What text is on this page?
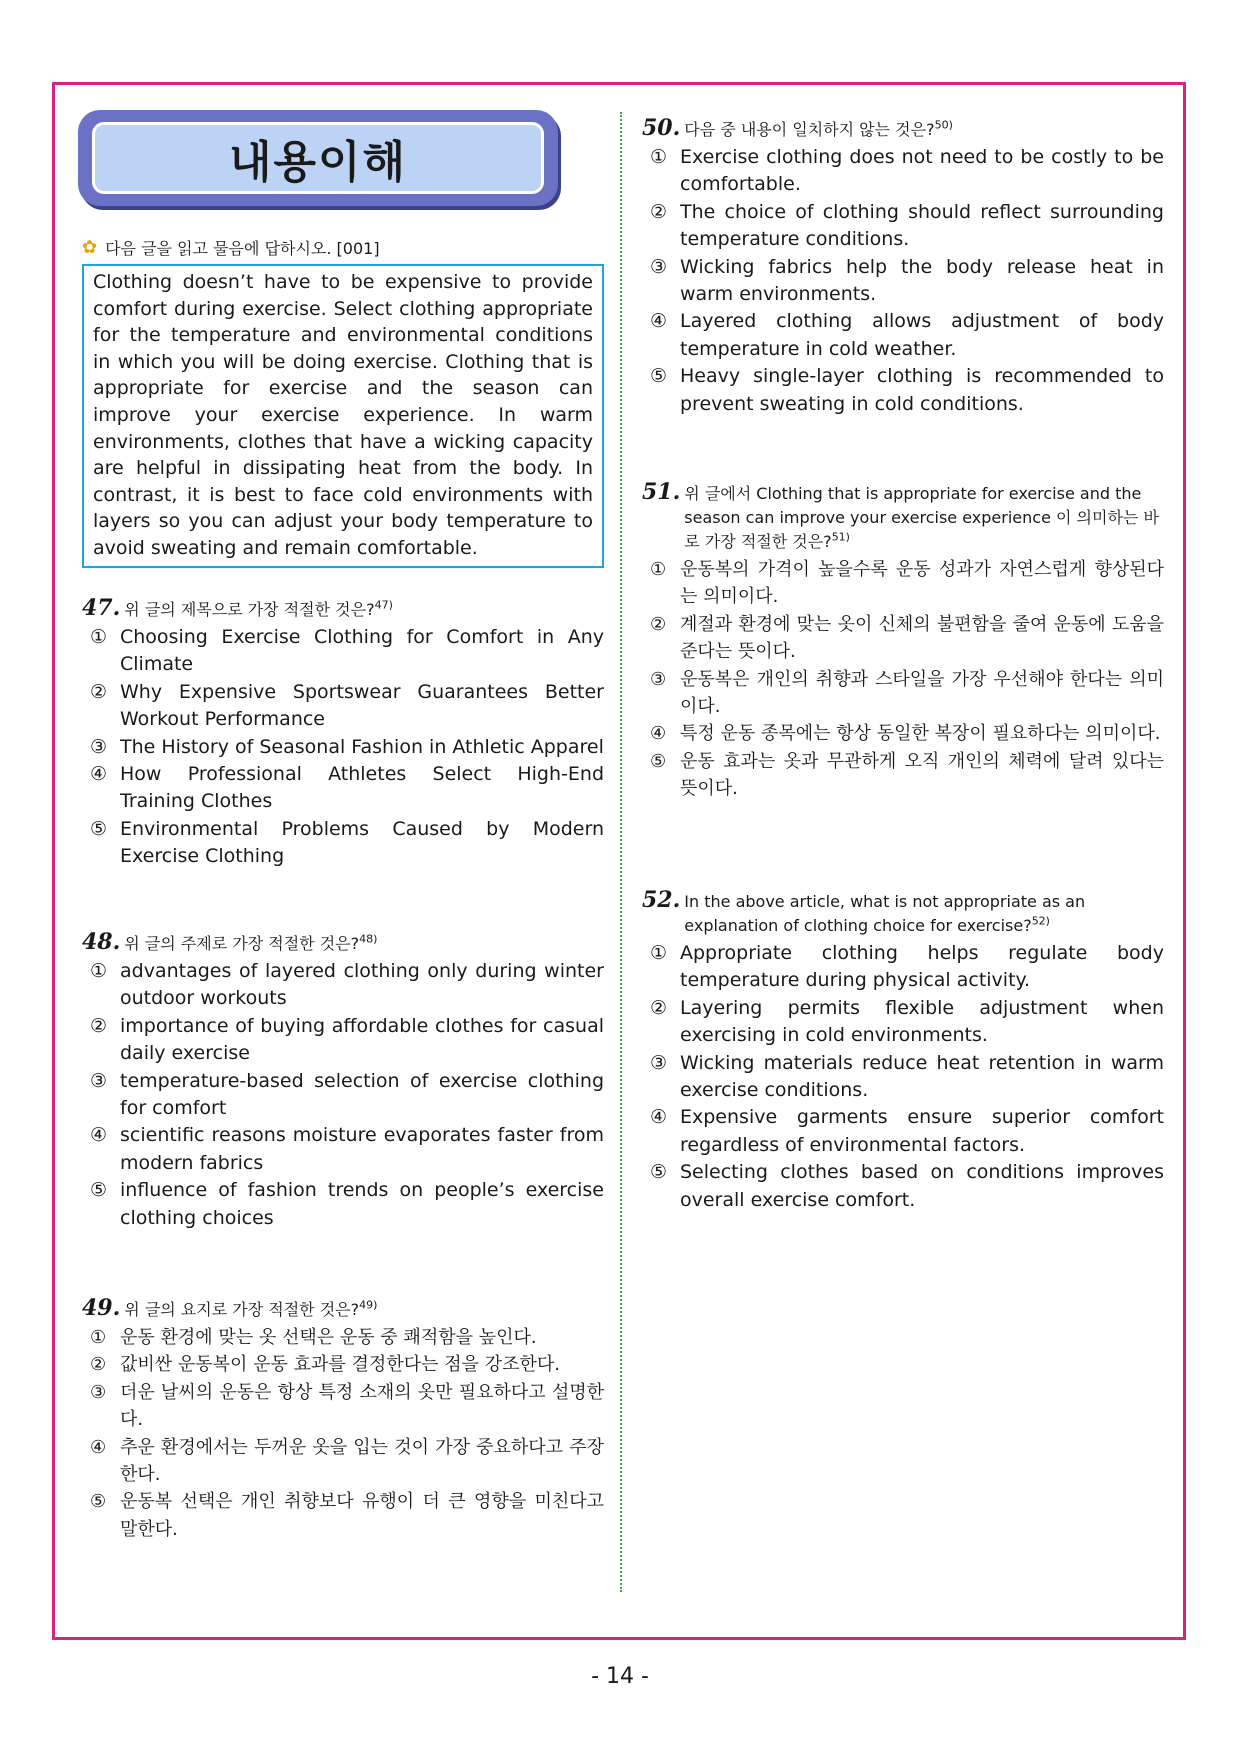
내용이해
✿ 다음 글을 읽고 물음에 답하시오. [001]
Clothing doesn’t have to be expensive to provide comfort during exercise. Select clothing appropriate for the temperature and environmental conditions in which you will be doing exercise. Clothing that is appropriate for exercise and the season can improve your exercise experience. In warm environments, clothes that have a wicking capacity are helpful in dissipating heat from the body. In contrast, it is best to face cold environments with layers so you can adjust your body temperature to avoid sweating and remain comfortable.
47. 위 글의 제목으로 가장 적절한 것은?$^{47)}$
① Choosing Exercise Clothing for Comfort in Any Climate
② Why Expensive Sportswear Guarantees Better Workout Performance
③ The History of Seasonal Fashion in Athletic Apparel
④ How Professional Athletes Select High-End Training Clothes
⑤ Environmental Problems Caused by Modern Exercise Clothing
48. 위 글의 주제로 가장 적절한 것은?$^{48)}$
① advantages of layered clothing only during winter outdoor workouts
② importance of buying affordable clothes for casual daily exercise
③ temperature-based selection of exercise clothing for comfort
④ scientific reasons moisture evaporates faster from modern fabrics
⑤ influence of fashion trends on people’s exercise clothing choices
49. 위 글의 요지로 가장 적절한 것은?$^{49)}$
① 운동 환경에 맞는 옷 선택은 운동 중 쾌적함을 높인다.
② 값비싼 운동복이 운동 효과를 결정한다는 점을 강조한다.
③ 더운 날씨의 운동은 항상 특정 소재의 옷만 필요하다고 설명한다.
④ 추운 환경에서는 두꺼운 옷을 입는 것이 가장 중요하다고 주장한다.
⑤ 운동복 선택은 개인 취향보다 유행이 더 큰 영향을 미친다고 말한다.
50. 다음 중 내용이 일치하지 않는 것은?$^{50)}$
① Exercise clothing does not need to be costly to be comfortable.
② The choice of clothing should reflect surrounding temperature conditions.
③ Wicking fabrics help the body release heat in warm environments.
④ Layered clothing allows adjustment of body temperature in cold weather.
⑤ Heavy single-layer clothing is recommended to prevent sweating in cold conditions.
51. 위 글에서 Clothing that is appropriate for exercise and the season can improve your exercise experience 이 의미하는 바로 가장 적절한 것은?$^{51)}$
① 운동복의 가격이 높을수록 운동 성과가 자연스럽게 향상된다는 의미이다.
② 계절과 환경에 맞는 옷이 신체의 불편함을 줄여 운동에 도움을 준다는 뜻이다.
③ 운동복은 개인의 취향과 스타일을 가장 우선해야 한다는 의미이다.
④ 특정 운동 종목에는 항상 동일한 복장이 필요하다는 의미이다.
⑤ 운동 효과는 옷과 무관하게 오직 개인의 체력에 달려 있다는 뜻이다.
52. In the above article, what is not appropriate as an explanation of clothing choice for exercise?$^{52)}$
① Appropriate clothing helps regulate body temperature during physical activity.
② Layering permits flexible adjustment when exercising in cold environments.
③ Wicking materials reduce heat retention in warm exercise conditions.
④ Expensive garments ensure superior comfort regardless of environmental factors.
⑤ Selecting clothes based on conditions improves overall exercise comfort.
- 14 -
